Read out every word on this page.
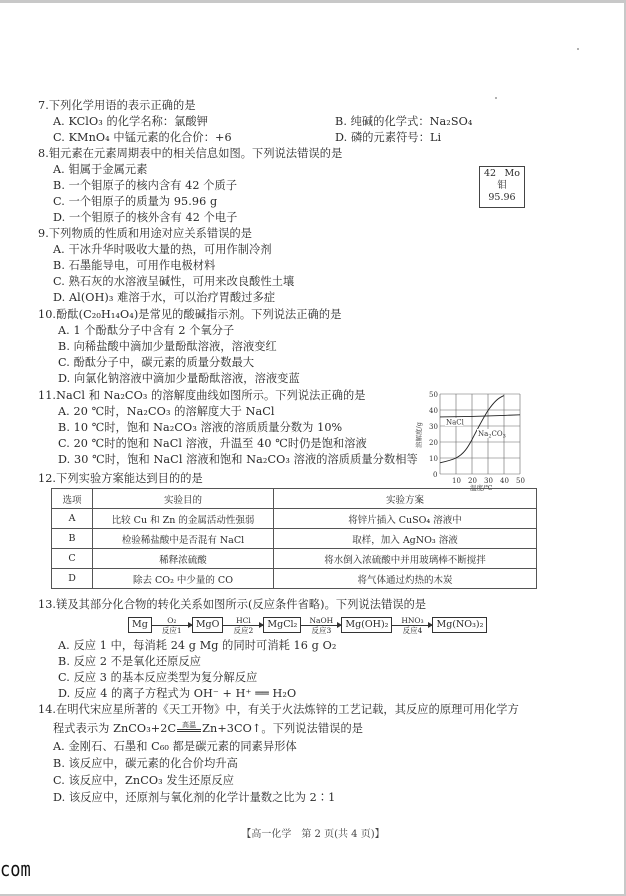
7.下列化学用语的表示正确的是
A. KClO₃ 的化学名称：氯酸钾	B. 纯碱的化学式：Na₂SO₄
C. KMnO₄ 中锰元素的化合价：+6	D. 磷的元素符号：Li
8.钼元素在元素周期表中的相关信息如图。下列说法错误的是
A. 钼属于金属元素
B. 一个钼原子的核内含有 42 个质子
C. 一个钼原子的质量为 95.96 g
D. 一个钼原子的核外含有 42 个电子
42 Mo
钼
95.96
9.下列物质的性质和用途对应关系错误的是
A. 干冰升华时吸收大量的热，可用作制冷剂
B. 石墨能导电，可用作电极材料
C. 熟石灰的水溶液呈碱性，可用来改良酸性土壤
D. Al(OH)₃ 难溶于水，可以治疗胃酸过多症
10.酚酞(C₂₀H₁₄O₄)是常见的酸碱指示剂。下列说法正确的是
A. 1 个酚酞分子中含有 2 个氧分子
B. 向稀盐酸中滴加少量酚酞溶液，溶液变红
C. 酚酞分子中，碳元素的质量分数最大
D. 向氯化钠溶液中滴加少量酚酞溶液，溶液变蓝
11.NaCl 和 Na₂CO₃ 的溶解度曲线如图所示。下列说法正确的是
A. 20 ℃时，Na₂CO₃ 的溶解度大于 NaCl
B. 10 ℃时，饱和 Na₂CO₃ 溶液的溶质质量分数为 10%
C. 20 ℃时的饱和 NaCl 溶液，升温至 40 ℃时仍是饱和溶液
D. 30 ℃时，饱和 NaCl 溶液和饱和 Na₂CO₃ 溶液的溶质质量分数相等
50
40
30
20
10
0
10 20 30 40 50
温度/℃
溶解度/g	NaCl
$Na_2CO_3$
12.下列实验方案能达到目的的是
选项	实验目的	实验方案
A	比较 Cu 和 Zn 的金属活动性强弱	将锌片插入 CuSO₄ 溶液中
B	检验稀盐酸中是否混有 NaCl	取样，加入 AgNO₃ 溶液
C	稀释浓硫酸	将水倒入浓硫酸中并用玻璃棒不断搅拌
D	除去 CO₂ 中少量的 CO	将气体通过灼热的木炭
13.镁及其部分化合物的转化关系如图所示(反应条件省略)。下列说法错误的是
Mg	O₂
反应1	MgO	HCl
反应2	MgCl₂	NaOH
反应3	Mg(OH)₂	HNO₃
反应4	Mg(NO₃)₂
A. 反应 1 中，每消耗 24 g Mg 的同时可消耗 16 g O₂
B. 反应 2 不是氧化还原反应
C. 反应 3 的基本反应类型为复分解反应
D. 反应 4 的离子方程式为 OH⁻ + H⁺ ══ H₂O
14.在明代宋应星所著的《天工开物》中，有关于火法炼锌的工艺记载，其反应的原理可用化学方
程式表示为 ZnCO₃+2C 高温 Zn+3CO↑。下列说法错误的是
A. 金刚石、石墨和 C₆₀ 都是碳元素的同素异形体
B. 该反应中，碳元素的化合价均升高
C. 该反应中，ZnCO₃ 发生还原反应
D. 该反应中，还原剂与氧化剂的化学计量数之比为 2∶1
【高一化学　第 2 页(共 4 页)】
com
